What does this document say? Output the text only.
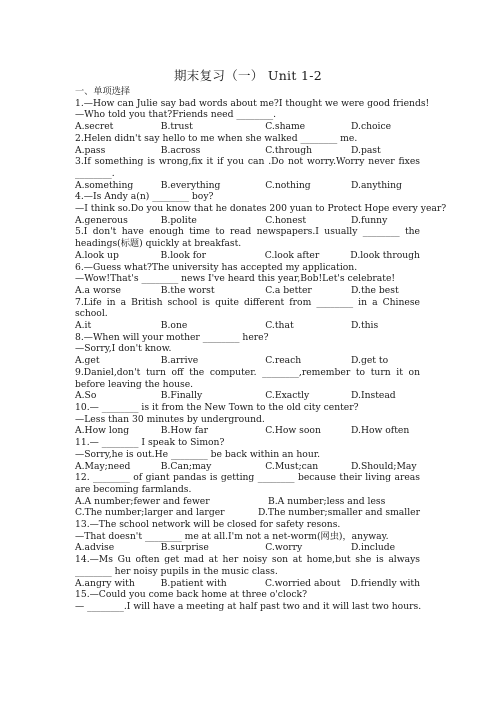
期末复习（一） Unit 1-2
一、单项选择
1.—How can Julie say bad words about me?I thought we were good friends!
—Who told you that?Friends need ________.
A.secret	B.trust	C.shame	D.choice
2.Helen didn't say hello to me when she walked ________ me.
A.pass	B.across	C.through	D.past
3.If something is wrong,fix it if you can .Do not worry.Worry never fixes ________.
A.something	B.everything	C.nothing	D.anything
4.—Is Andy a(n) ________ boy?
—I think so.Do you know that he donates 200 yuan to Protect Hope every year?
A.generous	B.polite	C.honest	D.funny
5.I don't have enough time to read newspapers.I usually ________ the headings(标题) quickly at breakfast.
A.look up	B.look for	C.look after	D.look through
6.—Guess what?The university has accepted my application.
—Wow!That's ________ news I've heard this year,Bob!Let's celebrate!
A.a worse	B.the worst	C.a better	D.the best
7.Life in a British school is quite different from ________ in a Chinese school.
A.it	B.one	C.that	D.this
8.—When will your mother ________ here?
—Sorry,I don't know.
A.get	B.arrive	C.reach	D.get to
9.Daniel,don't turn off the computer. ________,remember to turn it on before leaving the house.
A.So	B.Finally	C.Exactly	D.Instead
10.— ________ is it from the New Town to the old city center?
—Less than 30 minutes by underground.
A.How long	B.How far	C.How soon	D.How often
11.— ________ I speak to Simon?
—Sorry,he is out.He ________ be back within an hour.
A.May;need	B.Can;may	C.Must;can	D.Should;May
12. ________ of giant pandas is getting ________ because their living areas are becoming farmlands.
A.A number;fewer and fewer	B.A number;less and less
C.The number;larger and larger	D.The number;smaller and smaller
13.—The school network will be closed for safety resons.
—That doesn't ________ me at all.I'm not a net-worm(网虫)，anyway.
A.advise	B.surprise	C.worry	D.include
14.—Ms Gu often get mad at her noisy son at home,but she is always ________ her noisy pupils in the music class.
A.angry with	B.patient with	C.worried about	D.friendly with
15.—Could you come back home at three o'clock?
— ________.I will have a meeting at half past two and it will last two hours.
